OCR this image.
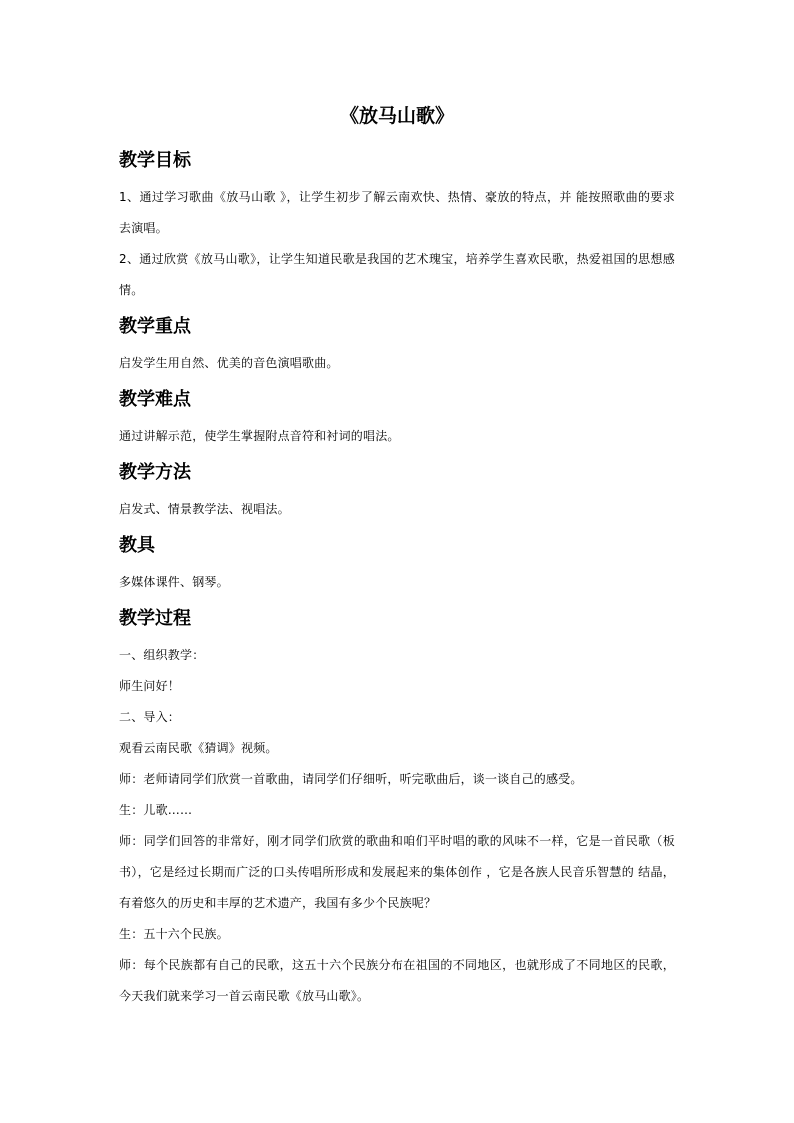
《放马山歌》
教学目标

1、通过学习歌曲《放马山歌 》，让学生初步了解云南欢快、热情、豪放的特点，并 能按照歌曲的要求去演唱。

2、通过欣赏《放马山歌》，让学生知道民歌是我国的艺术瑰宝，培养学生喜欢民歌，热爱祖国的思想感情。

教学重点

启发学生用自然、优美的音色演唱歌曲。

教学难点

通过讲解示范，使学生掌握附点音符和衬词的唱法。

教学方法

启发式、情景教学法、视唱法。

教具

多媒体课件、钢琴。

教学过程

一、组织教学：

师生问好！

二、导入：

观看云南民歌《猜调》视频。

师：老师请同学们欣赏一首歌曲，请同学们仔细听，听完歌曲后，谈一谈自己的感受。

生：儿歌……

师：同学们回答的非常好，刚才同学们欣赏的歌曲和咱们平时唱的歌的风味不一样，它是一首民歌（板书），它是经过长期而广泛的口头传唱所形成和发展起来的集体创作 ，它是各族人民音乐智慧的 结晶，有着悠久的历史和丰厚的艺术遗产，我国有多少个民族呢？

生：五十六个民族。

师：每个民族都有自己的民歌，这五十六个民族分布在祖国的不同地区，也就形成了不同地区的民歌，今天我们就来学习一首云南民歌《放马山歌》。
